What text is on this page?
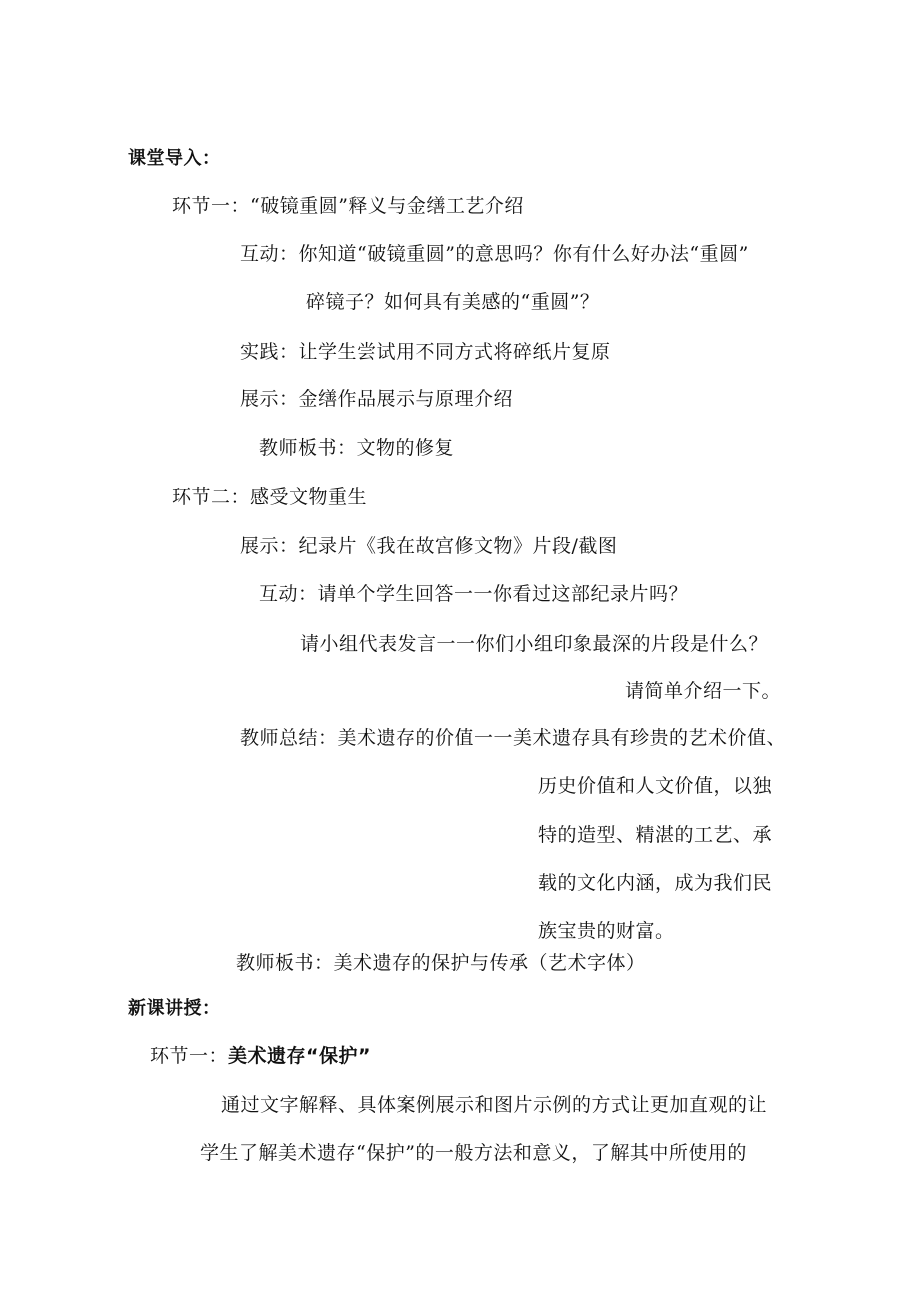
课堂导入：
环节一：“破镜重圆”释义与金缮工艺介绍
互动：你知道“破镜重圆”的意思吗？你有什么好办法“重圆”
碎镜子？如何具有美感的“重圆”？
实践：让学生尝试用不同方式将碎纸片复原
展示：金缮作品展示与原理介绍
教师板书：文物的修复
环节二：感受文物重生
展示：纪录片《我在故宫修文物》片段/截图
互动：请单个学生回答一一你看过这部纪录片吗？
请小组代表发言一一你们小组印象最深的片段是什么？
请简单介绍一下。
教师总结：美术遗存的价值一一美术遗存具有珍贵的艺术价值、
历史价值和人文价值，以独
特的造型、精湛的工艺、承
载的文化内涵，成为我们民
族宝贵的财富。
教师板书：美术遗存的保护与传承（艺术字体）
新课讲授：
环节一：美术遗存“保护”
通过文字解释、具体案例展示和图片示例的方式让更加直观的让
学生了解美术遗存“保护”的一般方法和意义，了解其中所使用的
